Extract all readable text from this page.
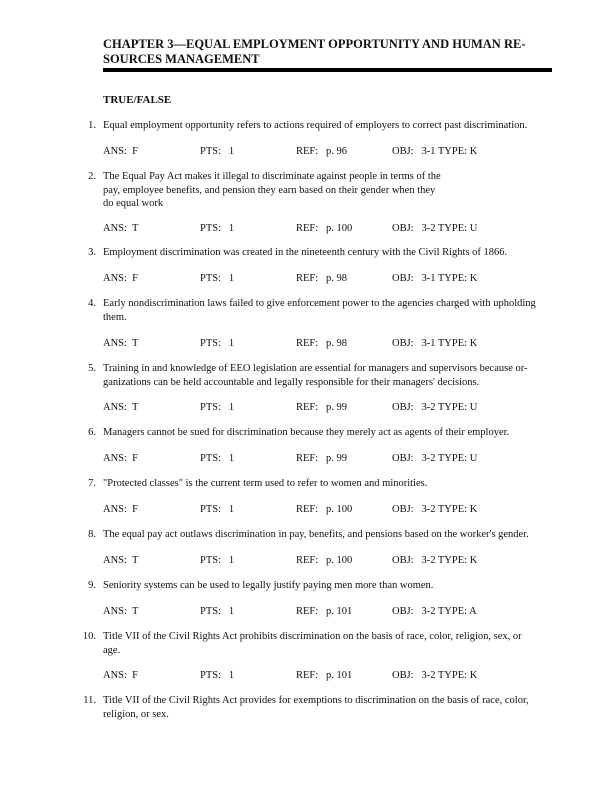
CHAPTER 3—EQUAL EMPLOYMENT OPPORTUNITY AND HUMAN RE-
SOURCES MANAGEMENT
TRUE/FALSE
1. Equal employment opportunity refers to actions required of employers to correct past discrimination.
ANS:  F	PTS:   1	REF:   p. 96	OBJ:   3-1 TYPE: K
2. The Equal Pay Act makes it illegal to discriminate against people in terms of the
pay, employee benefits, and pension they earn based on their gender when they
do equal work
ANS:  T	PTS:   1	REF:   p. 100	OBJ:   3-2 TYPE: U
3. Employment discrimination was created in the nineteenth century with the Civil Rights of 1866.
ANS:  F	PTS:   1	REF:   p. 98	OBJ:   3-1 TYPE: K
4. Early nondiscrimination laws failed to give enforcement power to the agencies charged with upholding
them.
ANS:  T	PTS:   1	REF:   p. 98	OBJ:   3-1 TYPE: K
5. Training in and knowledge of EEO legislation are essential for managers and supervisors because or-
ganizations can be held accountable and legally responsible for their managers' decisions.
ANS:  T	PTS:   1	REF:   p. 99	OBJ:   3-2 TYPE: U
6. Managers cannot be sued for discrimination because they merely act as agents of their employer.
ANS:  F	PTS:   1	REF:   p. 99	OBJ:   3-2 TYPE: U
7. "Protected classes" is the current term used to refer to women and minorities.
ANS:  F	PTS:   1	REF:   p. 100	OBJ:   3-2 TYPE: K
8. The equal pay act outlaws discrimination in pay, benefits, and pensions based on the worker's gender.
ANS:  T	PTS:   1	REF:   p. 100	OBJ:   3-2 TYPE: K
9. Seniority systems can be used to legally justify paying men more than women.
ANS:  T	PTS:   1	REF:   p. 101	OBJ:   3-2 TYPE: A
10. Title VII of the Civil Rights Act prohibits discrimination on the basis of race, color, religion, sex, or
age.
ANS:  F	PTS:   1	REF:   p. 101	OBJ:   3-2 TYPE: K
11. Title VII of the Civil Rights Act provides for exemptions to discrimination on the basis of race, color,
religion, or sex.
